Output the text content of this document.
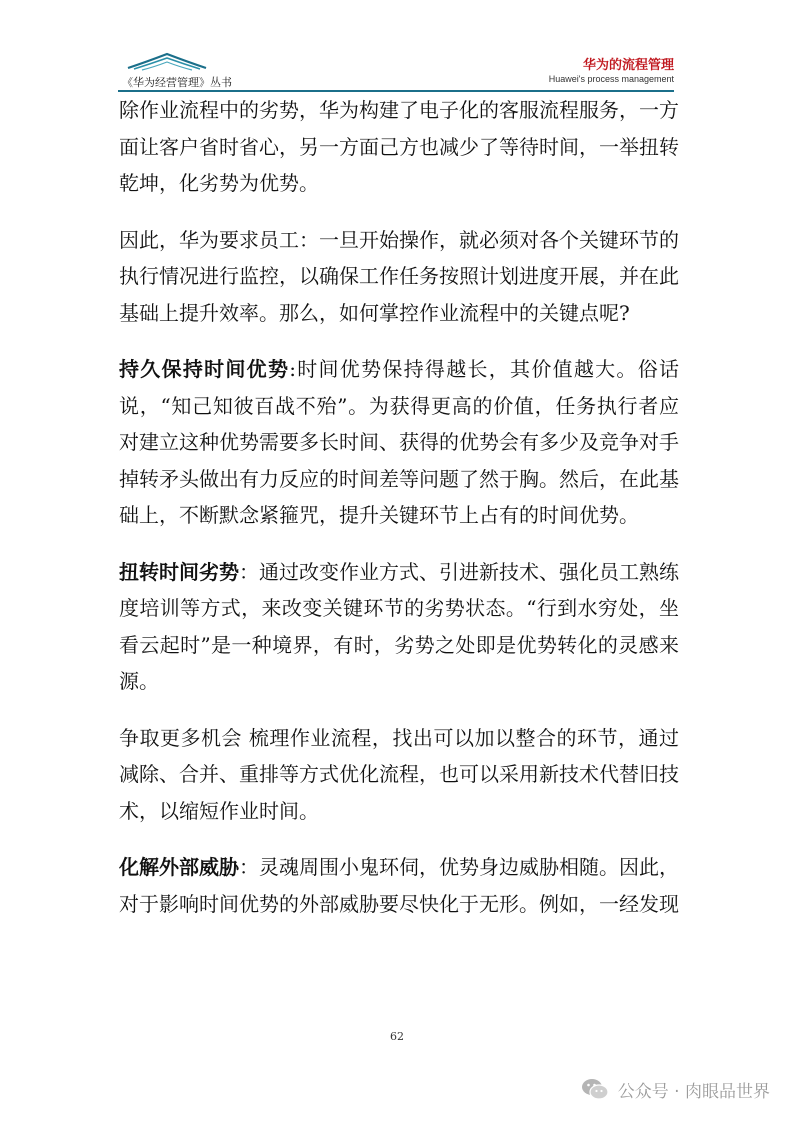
《华为经营管理》丛书
华为的流程管理
Huawei's process management

除作业流程中的劣势，华为构建了电子化的客服流程服务，一方面让客户省时省心，另一方面己方也减少了等待时间，一举扭转乾坤，化劣势为优势。

因此，华为要求员工：一旦开始操作，就必须对各个关键环节的执行情况进行监控，以确保工作任务按照计划进度开展，并在此基础上提升效率。那么，如何掌控作业流程中的关键点呢?

持久保持时间优势:时间优势保持得越长，其价值越大。俗话说，“知己知彼百战不殆”。为获得更高的价值，任务执行者应对建立这种优势需要多长时间、获得的优势会有多少及竞争对手掉转矛头做出有力反应的时间差等问题了然于胸。然后，在此基础上，不断默念紧箍咒，提升关键环节上占有的时间优势。

扭转时间劣势：通过改变作业方式、引进新技术、强化员工熟练度培训等方式，来改变关键环节的劣势状态。“行到水穷处，坐看云起时”是一种境界，有时，劣势之处即是优势转化的灵感来源。

争取更多机会 梳理作业流程，找出可以加以整合的环节，通过减除、合并、重排等方式优化流程，也可以采用新技术代替旧技术，以缩短作业时间。

化解外部威胁：灵魂周围小鬼环伺，优势身边威胁相随。因此，对于影响时间优势的外部威胁要尽快化于无形。例如，一经发现

62
公众号 · 肉眼品世界
